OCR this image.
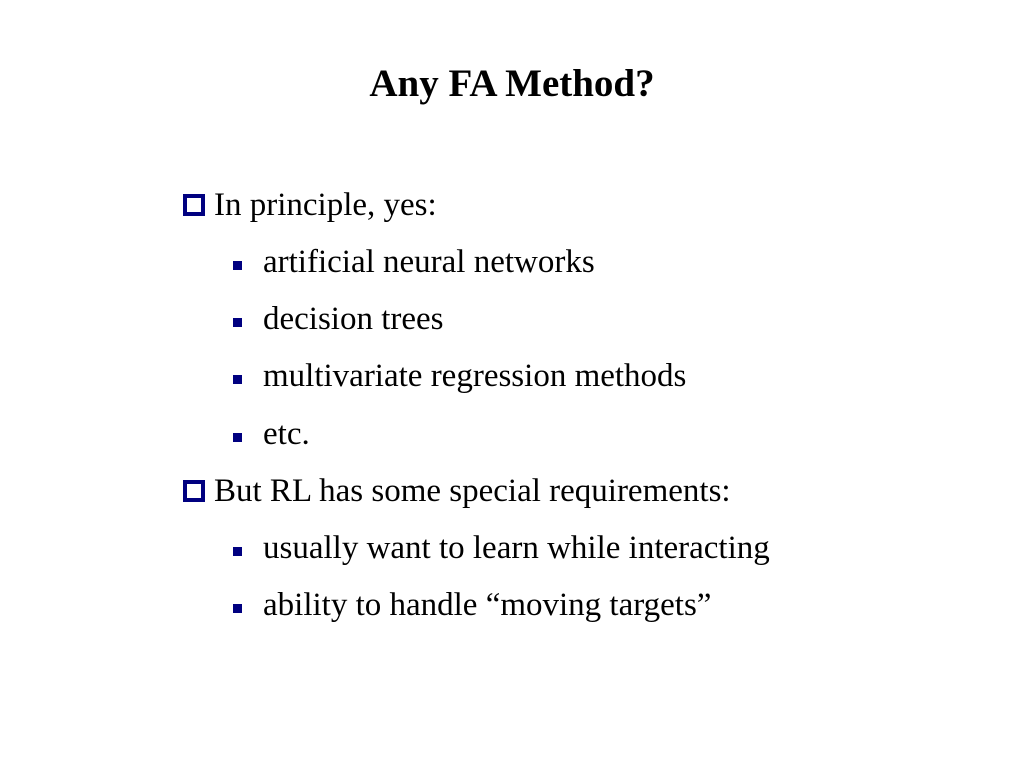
Any FA Method?
In principle, yes:
artificial neural networks
decision trees
multivariate regression methods
etc.
But RL has some special requirements:
usually want to learn while interacting
ability to handle “moving targets”
